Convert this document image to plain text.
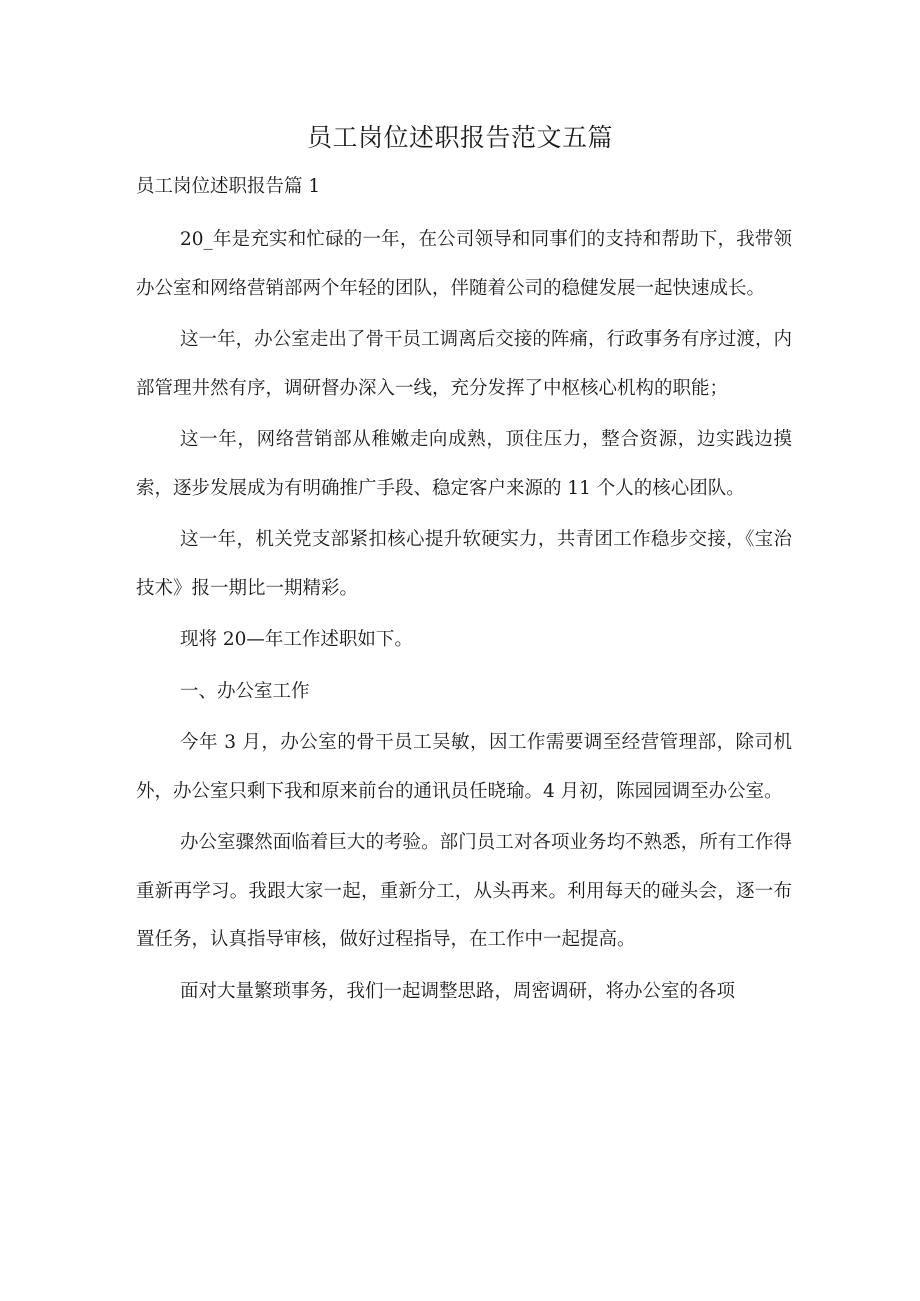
员工岗位述职报告范文五篇

员工岗位述职报告篇 1

20_年是充实和忙碌的一年，在公司领导和同事们的支持和帮助下，我带领办公室和网络营销部两个年轻的团队，伴随着公司的稳健发展一起快速成长。

这一年，办公室走出了骨干员工调离后交接的阵痛，行政事务有序过渡，内部管理井然有序，调研督办深入一线，充分发挥了中枢核心机构的职能；

这一年，网络营销部从稚嫩走向成熟，顶住压力，整合资源，边实践边摸索，逐步发展成为有明确推广手段、稳定客户来源的 11 个人的核心团队。

这一年，机关党支部紧扣核心提升软硬实力，共青团工作稳步交接，《宝治技术》报一期比一期精彩。

现将 20—年工作述职如下。

一、办公室工作

今年 3 月，办公室的骨干员工吴敏，因工作需要调至经营管理部，除司机外，办公室只剩下我和原来前台的通讯员任晓瑜。4 月初，陈园园调至办公室。

办公室骤然面临着巨大的考验。部门员工对各项业务均不熟悉，所有工作得重新再学习。我跟大家一起，重新分工，从头再来。利用每天的碰头会，逐一布置任务，认真指导审核，做好过程指导，在工作中一起提高。

面对大量繁琐事务，我们一起调整思路，周密调研，将办公室的各项
